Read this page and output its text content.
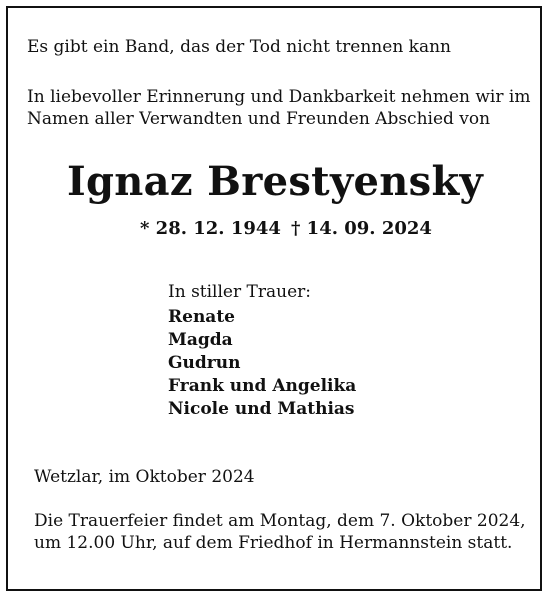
Es gibt ein Band, das der Tod nicht trennen kann
In liebevoller Erinnerung und Dankbarkeit nehmen wir im
Namen aller Verwandten und Freunden Abschied von
Ignaz Brestyensky
* 28. 12. 1944 † 14. 09. 2024
In stiller Trauer:
Renate
Magda
Gudrun
Frank und Angelika
Nicole und Mathias
Wetzlar, im Oktober 2024
Die Trauerfeier findet am Montag, dem 7. Oktober 2024,
um 12.00 Uhr, auf dem Friedhof in Hermannstein statt.
